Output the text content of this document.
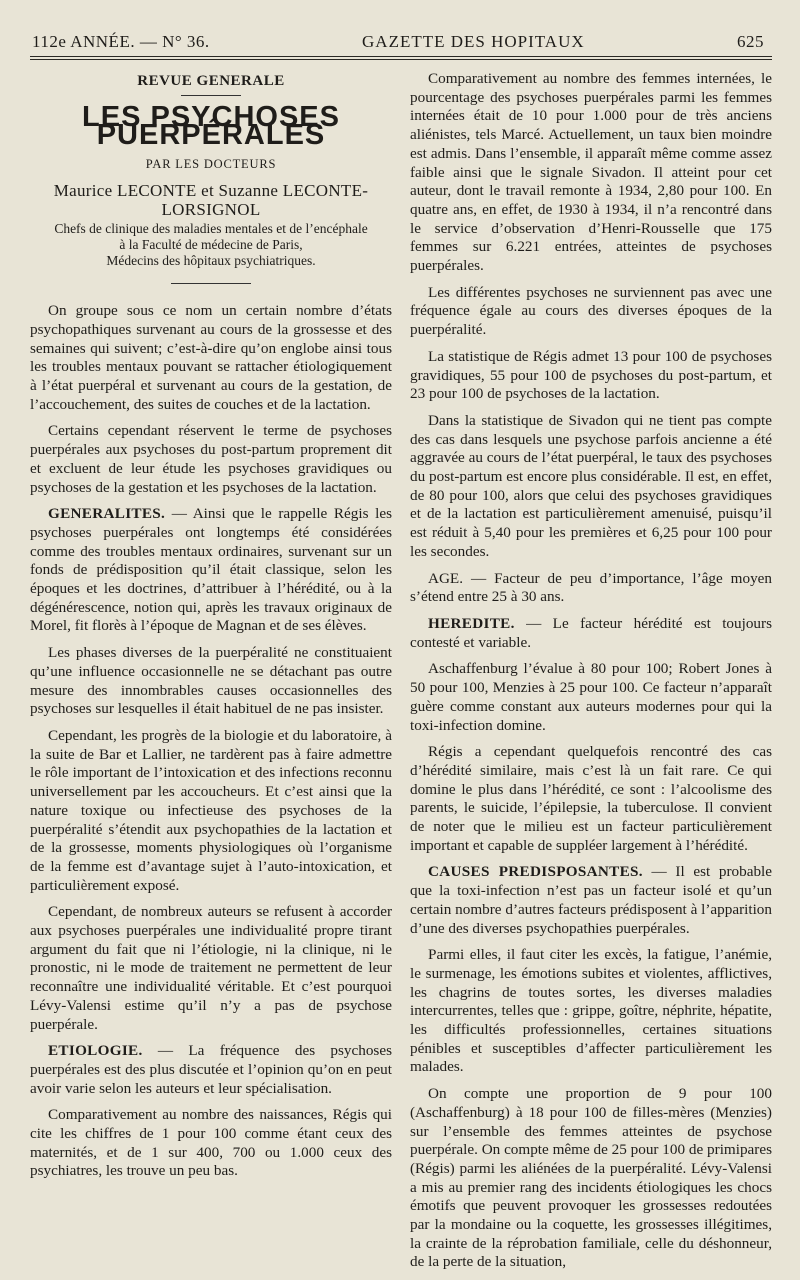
112e ANNÉE. — N° 36.	GAZETTE DES HOPITAUX	625
REVUE GENERALE
LES PSYCHOSES PUERPÉRALES
PAR LES DOCTEURS
Maurice LECONTE et Suzanne LECONTE-LORSIGNOL
Chefs de clinique des maladies mentales et de l’encéphale
à la Faculté de médecine de Paris,
Médecins des hôpitaux psychiatriques.

On groupe sous ce nom un certain nombre d’états psychopathiques survenant au cours de la grossesse et des semaines qui suivent; c’est-à-dire qu’on englobe ainsi tous les troubles mentaux pouvant se rattacher étiologiquement à l’état puerpéral et survenant au cours de la gestation, de l’accouchement, des suites de couches et de la lactation.

Certains cependant réservent le terme de psychoses puerpérales aux psychoses du post-partum proprement dit et excluent de leur étude les psychoses gravidiques ou psychoses de la gestation et les psychoses de la lactation.

GENERALITES. — Ainsi que le rappelle Régis les psychoses puerpérales ont longtemps été considérées comme des troubles mentaux ordinaires, survenant sur un fonds de prédisposition qu’il était classique, selon les époques et les doctrines, d’attribuer à l’hérédité, ou à la dégénérescence, notion qui, après les travaux originaux de Morel, fit florès à l’époque de Magnan et de ses élèves.

Les phases diverses de la puerpéralité ne constituaient qu’une influence occasionnelle ne se détachant pas outre mesure des innombrables causes occasionnelles des psychoses sur lesquelles il était habituel de ne pas insister.

Cependant, les progrès de la biologie et du laboratoire, à la suite de Bar et Lallier, ne tardèrent pas à faire admettre le rôle important de l’intoxication et des infections reconnu universellement par les accoucheurs. Et c’est ainsi que la nature toxique ou infectieuse des psychoses de la puerpéralité s’étendit aux psychopathies de la lactation et de la grossesse, moments physiologiques où l’organisme de la femme est d’avantage sujet à l’auto-intoxication, et particulièrement exposé.

Cependant, de nombreux auteurs se refusent à accorder aux psychoses puerpérales une individualité propre tirant argument du fait que ni l’étiologie, ni la clinique, ni le pronostic, ni le mode de traitement ne permettent de leur reconnaître une individualité véritable. Et c’est pourquoi Lévy-Valensi estime qu’il n’y a pas de psychose puerpérale.

ETIOLOGIE. — La fréquence des psychoses puerpérales est des plus discutée et l’opinion qu’on en peut avoir varie selon les auteurs et leur spécialisation.

Comparativement au nombre des naissances, Régis qui cite les chiffres de 1 pour 100 comme étant ceux des maternités, et de 1 sur 400, 700 ou 1.000 ceux des psychiatres, les trouve un peu bas.

Comparativement au nombre des femmes internées, le pourcentage des psychoses puerpérales parmi les femmes internées était de 10 pour 1.000 pour de très anciens aliénistes, tels Marcé. Actuellement, un taux bien moindre est admis. Dans l’ensemble, il apparaît même comme assez faible ainsi que le signale Sivadon. Il atteint pour cet auteur, dont le travail remonte à 1934, 2,80 pour 100. En quatre ans, en effet, de 1930 à 1934, il n’a rencontré dans le service d’observation d’Henri-Rousselle que 175 femmes sur 6.221 entrées, atteintes de psychoses puerpérales.

Les différentes psychoses ne surviennent pas avec une fréquence égale au cours des diverses époques de la puerpéralité.

La statistique de Régis admet 13 pour 100 de psychoses gravidiques, 55 pour 100 de psychoses du post-partum, et 23 pour 100 de psychoses de la lactation.

Dans la statistique de Sivadon qui ne tient pas compte des cas dans lesquels une psychose parfois ancienne a été aggravée au cours de l’état puerpéral, le taux des psychoses du post-partum est encore plus considérable. Il est, en effet, de 80 pour 100, alors que celui des psychoses gravidiques et de la lactation est particulièrement amenuisé, puisqu’il est réduit à 5,40 pour les premières et 6,25 pour 100 pour les secondes.

AGE. — Facteur de peu d’importance, l’âge moyen s’étend entre 25 à 30 ans.

HEREDITE. — Le facteur hérédité est toujours contesté et variable.

Aschaffenburg l’évalue à 80 pour 100; Robert Jones à 50 pour 100, Menzies à 25 pour 100. Ce facteur n’apparaît guère comme constant aux auteurs modernes pour qui la toxi-infection domine.

Régis a cependant quelquefois rencontré des cas d’hérédité similaire, mais c’est là un fait rare. Ce qui domine le plus dans l’hérédité, ce sont : l’alcoolisme des parents, le suicide, l’épilepsie, la tuberculose. Il convient de noter que le milieu est un facteur particulièrement important et capable de suppléer largement à l’hérédité.

CAUSES PREDISPOSANTES. — Il est probable que la toxi-infection n’est pas un facteur isolé et qu’un certain nombre d’autres facteurs prédisposent à l’apparition d’une des diverses psychopathies puerpérales.

Parmi elles, il faut citer les excès, la fatigue, l’anémie, le surmenage, les émotions subites et violentes, afflictives, les chagrins de toutes sortes, les diverses maladies intercurrentes, telles que : grippe, goître, néphrite, hépatite, les difficultés professionnelles, certaines situations pénibles et susceptibles d’affecter particulièrement les malades.

On compte une proportion de 9 pour 100 (Aschaffenburg) à 18 pour 100 de filles-mères (Menzies) sur l’ensemble des femmes atteintes de psychose puerpérale. On compte même de 25 pour 100 de primipares (Régis) parmi les aliénées de la puerpéralité. Lévy-Valensi a mis au premier rang des incidents étiologiques les chocs émotifs que peuvent provoquer les grossesses redoutées par la mondaine ou la coquette, les grossesses illégitimes, la crainte de la réprobation familiale, celle du déshonneur, de la perte de la situation,
